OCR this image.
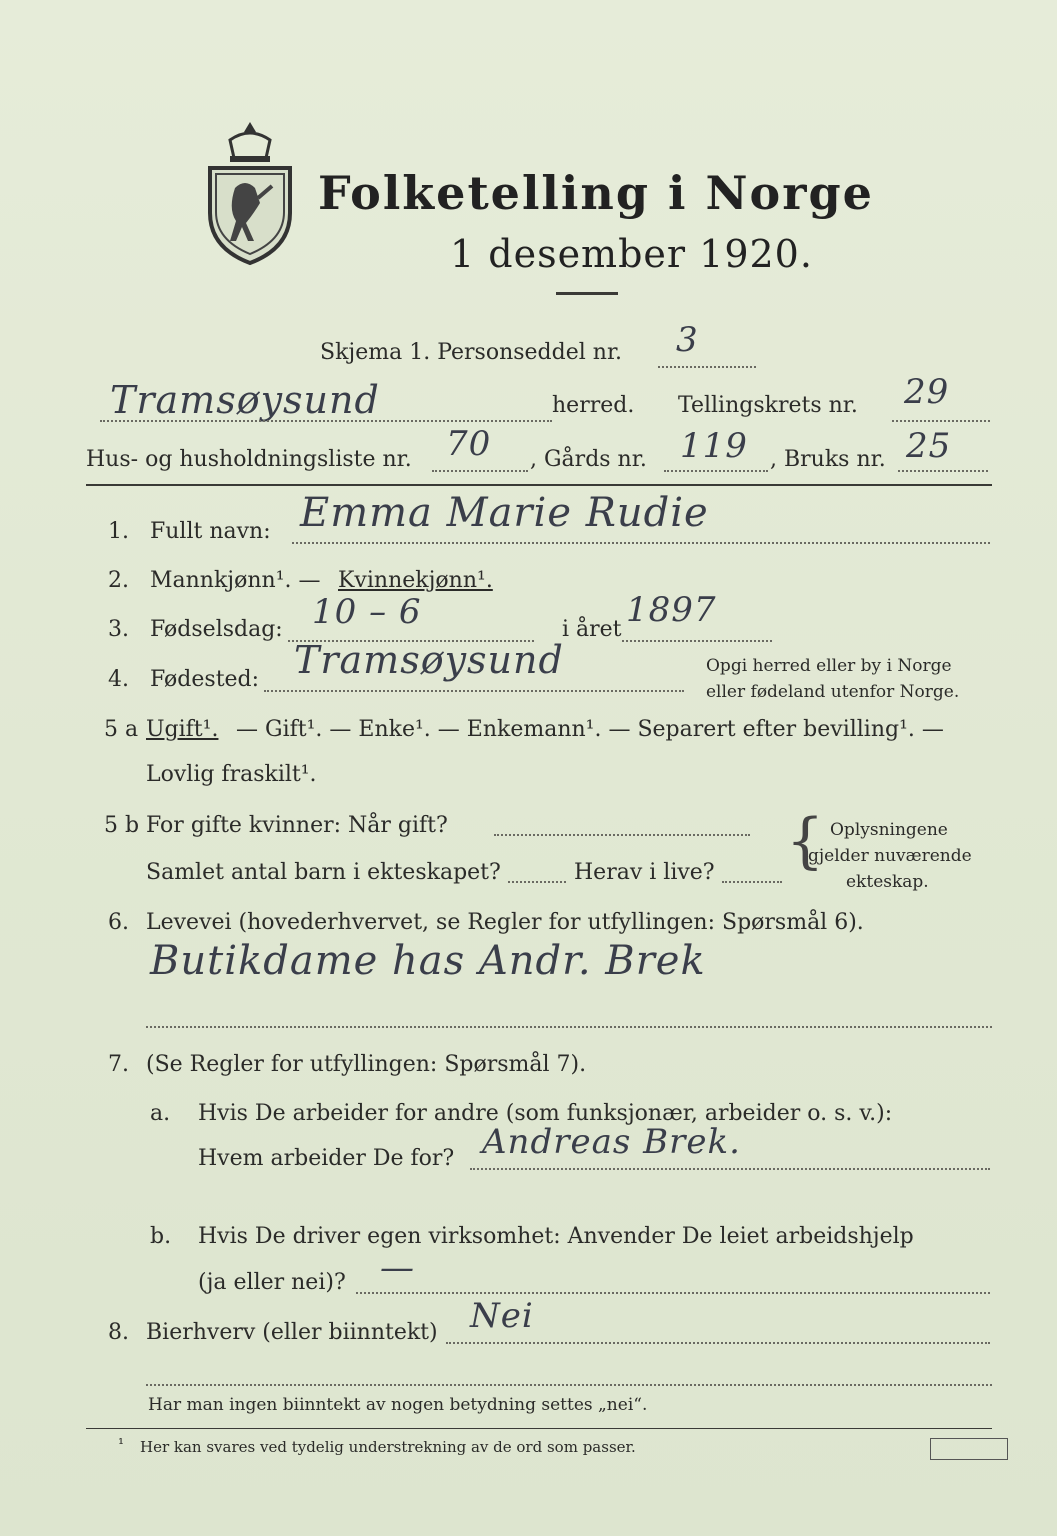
Folketelling i Norge
1 desember 1920.
Skjema 1. Personseddel nr. 3
Tramsøysund	herred. Tellingskrets nr. 29
Hus- og husholdningsliste nr. 70 , Gårds nr. 119 , Bruks nr. 25
1. Fullt navn: Emma Marie Rudie
2. Mannkjønn¹. — Kvinnekjønn¹.
3. Fødselsdag: 10 – 6	i året 1897
4. Fødested: Tramsøysund	Opgi herred eller by i Norge
eller fødeland utenfor Norge.
5 a Ugift¹. — Gift¹. — Enke¹. — Enkemann¹. — Separert efter bevilling¹. —
Lovlig fraskilt¹.
5 b For gifte kvinner: Når gift?
Samlet antal barn i ekteskapet?	Herav i live? { Oplysningene
gjelder nuværende
ekteskap.
6. Levevei (hovederhvervet, se Regler for utfyllingen: Spørsmål 6).
Butikdame has Andr. Brek
7. (Se Regler for utfyllingen: Spørsmål 7).
a. Hvis De arbeider for andre (som funksjonær, arbeider o. s. v.):
Hvem arbeider De for? Andreas Brek.
b. Hvis De driver egen virksomhet: Anvender De leiet arbeidshjelp
(ja eller nei)? —
8. Bierhverv (eller biinntekt) Nei
Har man ingen biinntekt av nogen betydning settes „nei“.
¹ Her kan svares ved tydelig understrekning av de ord som passer.
